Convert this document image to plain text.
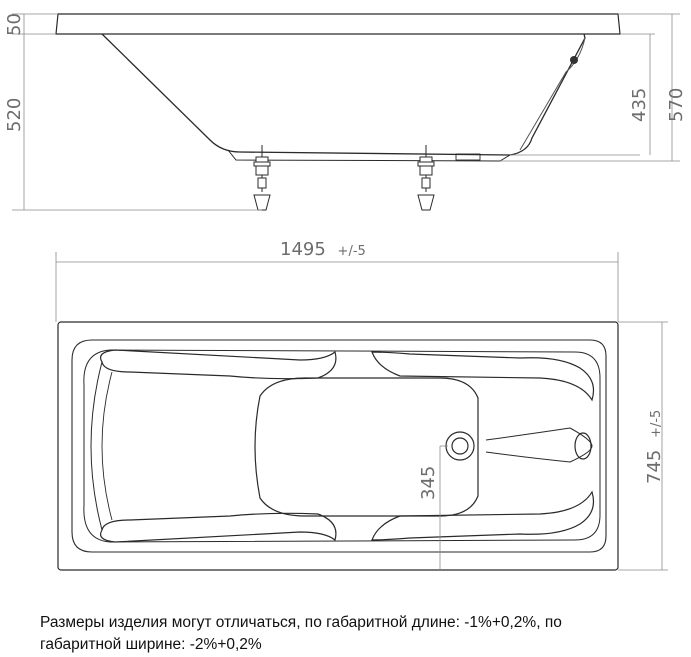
50
520	435 570
1495 +/-5
745 +/-5
345
Размеры изделия могут отличаться, по габаритной длине: -1%+0,2%, по
габаритной ширине: -2%+0,2%
